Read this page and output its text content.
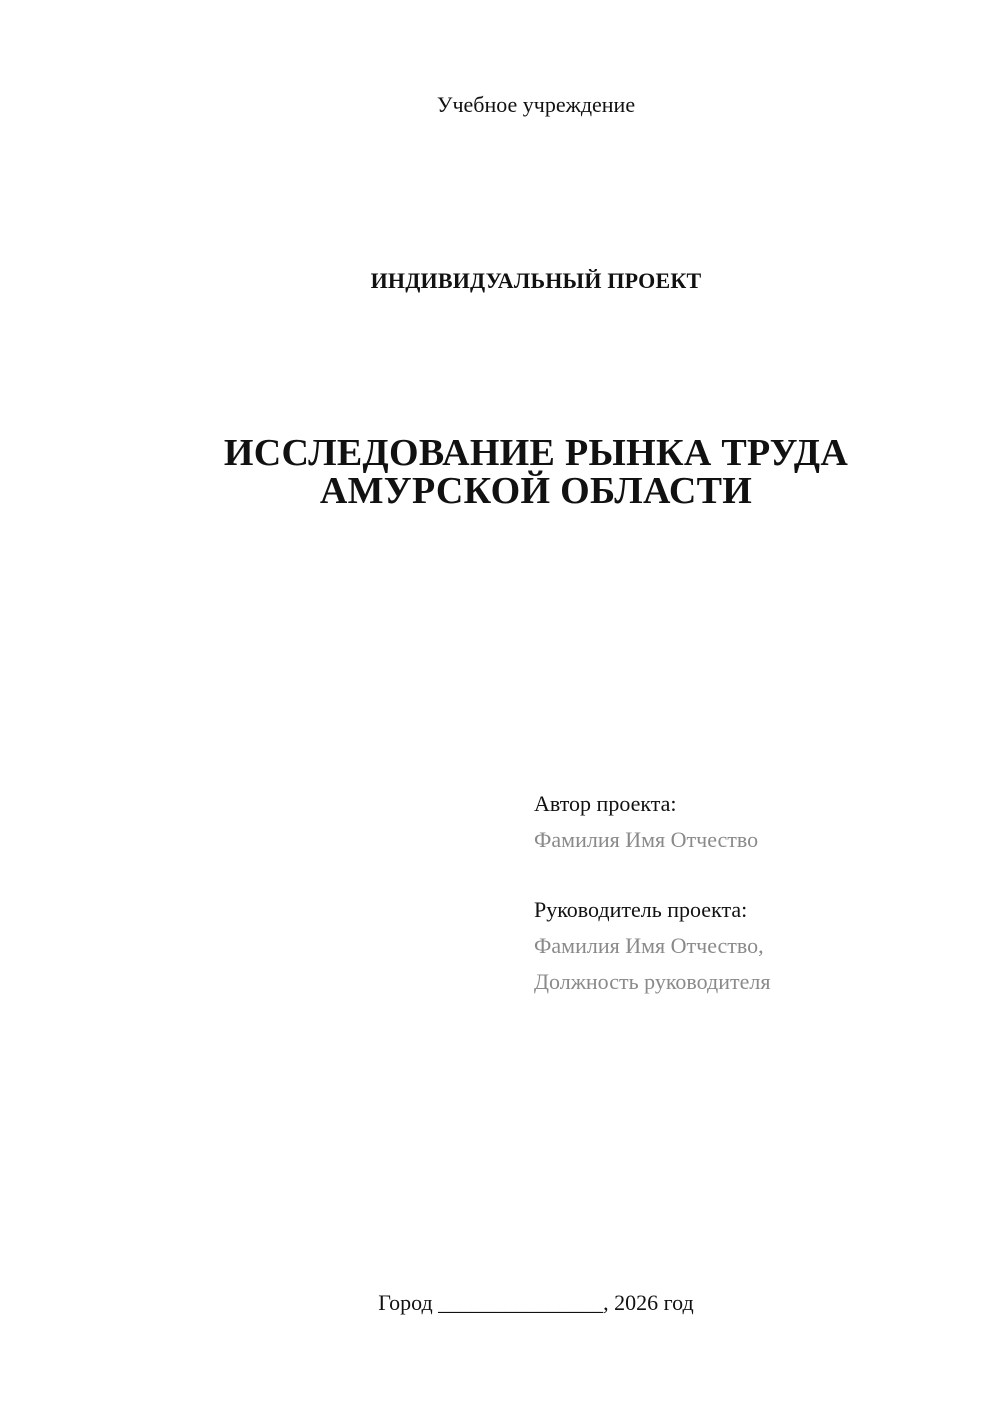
Учебное учреждение
ИНДИВИДУАЛЬНЫЙ ПРОЕКТ
ИССЛЕДОВАНИЕ РЫНКА ТРУДА
АМУРСКОЙ ОБЛАСТИ
Автор проекта:
Фамилия Имя Отчество
Руководитель проекта:
Фамилия Имя Отчество,
Должность руководителя
Город _______________, 2026 год
